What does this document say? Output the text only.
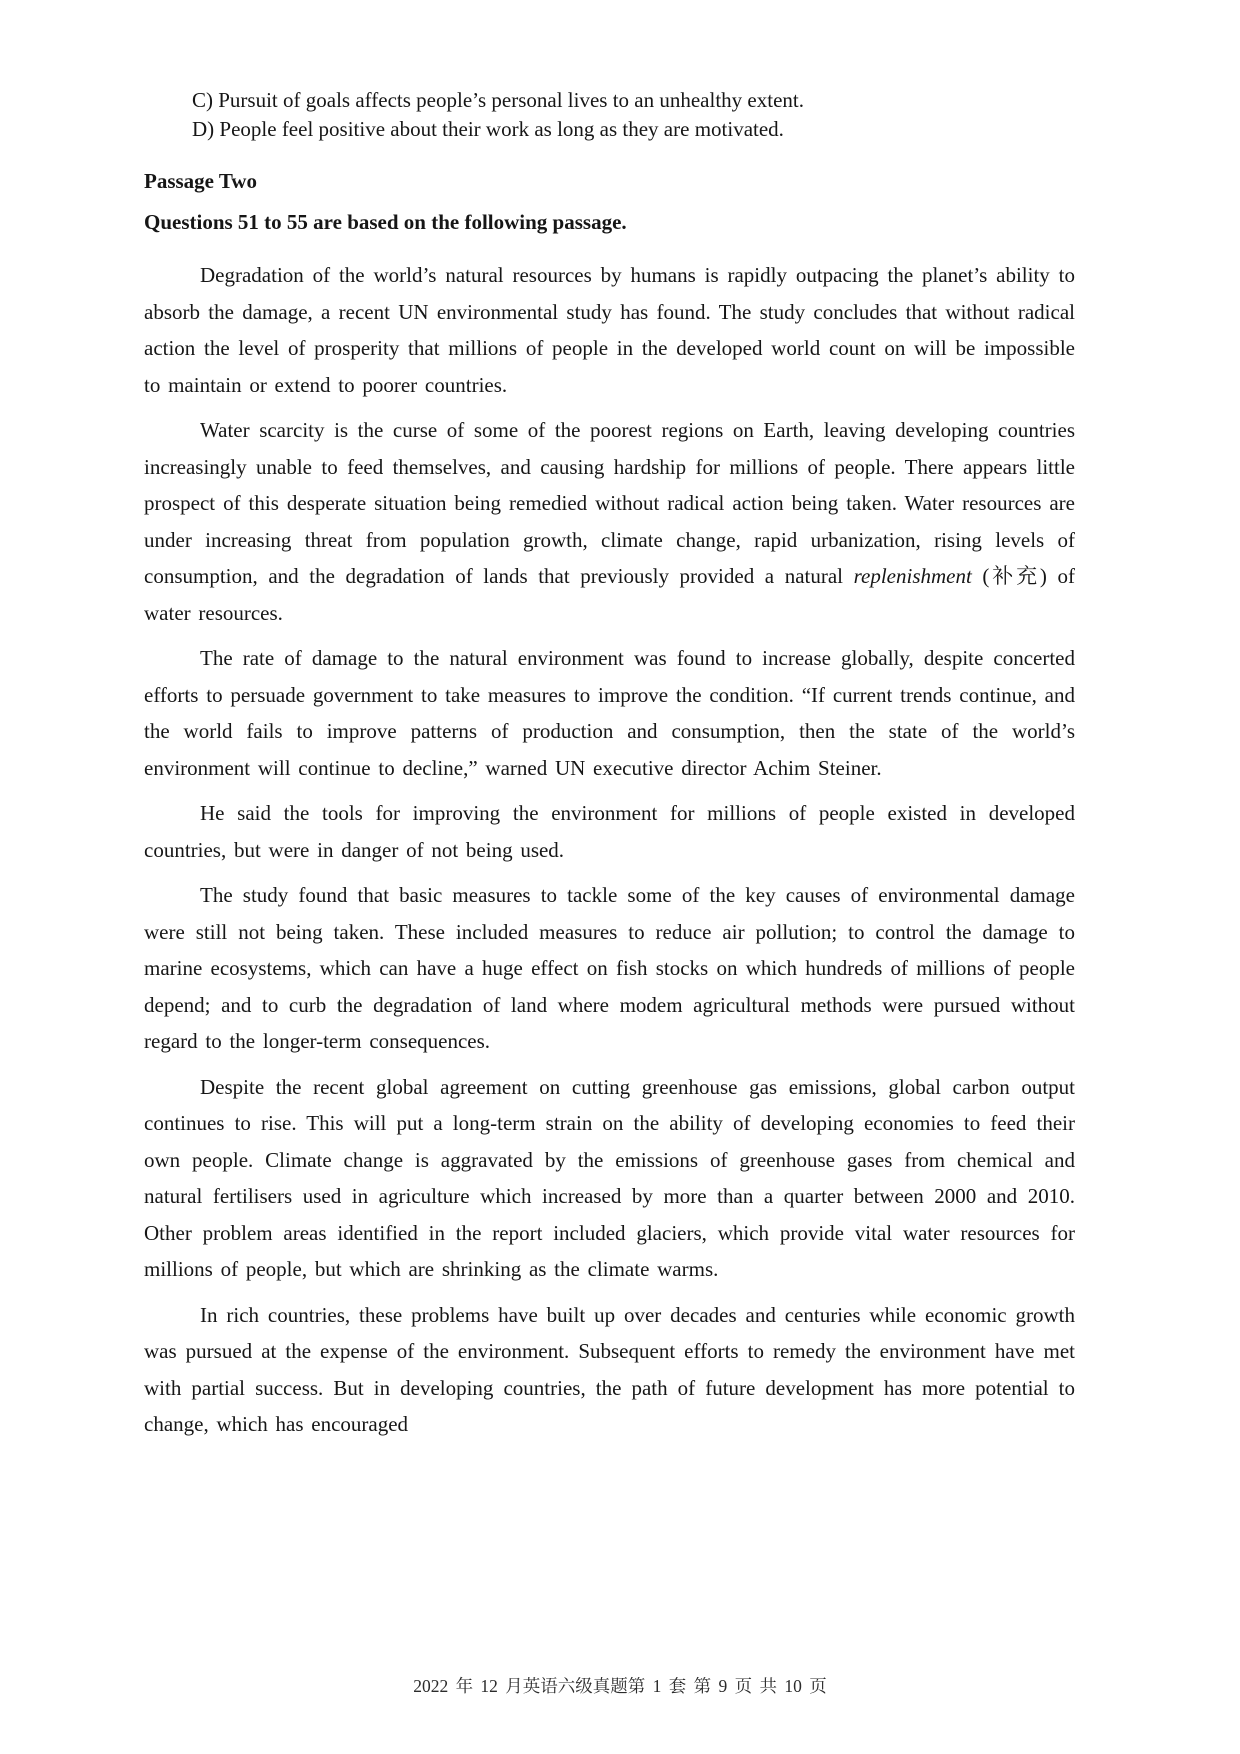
C) Pursuit of goals affects people’s personal lives to an unhealthy extent.

D) People feel positive about their work as long as they are motivated.

Passage Two

Questions 51 to 55 are based on the following passage.

Degradation of the world’s natural resources by humans is rapidly outpacing the planet’s ability to absorb the damage, a recent UN environmental study has found. The study concludes that without radical action the level of prosperity that millions of people in the developed world count on will be impossible to maintain or extend to poorer countries.

Water scarcity is the curse of some of the poorest regions on Earth, leaving developing countries increasingly unable to feed themselves, and causing hardship for millions of people. There appears little prospect of this desperate situation being remedied without radical action being taken. Water resources are under increasing threat from population growth, climate change, rapid urbanization, rising levels of consumption, and the degradation of lands that previously provided a natural replenishment (补充) of water resources.

The rate of damage to the natural environment was found to increase globally, despite concerted efforts to persuade government to take measures to improve the condition. “If current trends continue, and the world fails to improve patterns of production and consumption, then the state of the world’s environment will continue to decline,” warned UN executive director Achim Steiner.

He said the tools for improving the environment for millions of people existed in developed countries, but were in danger of not being used.

The study found that basic measures to tackle some of the key causes of environmental damage were still not being taken. These included measures to reduce air pollution; to control the damage to marine ecosystems, which can have a huge effect on fish stocks on which hundreds of millions of people depend; and to curb the degradation of land where modem agricultural methods were pursued without regard to the longer-term consequences.

Despite the recent global agreement on cutting greenhouse gas emissions, global carbon output continues to rise. This will put a long-term strain on the ability of developing economies to feed their own people. Climate change is aggravated by the emissions of greenhouse gases from chemical and natural fertilisers used in agriculture which increased by more than a quarter between 2000 and 2010. Other problem areas identified in the report included glaciers, which provide vital water resources for millions of people, but which are shrinking as the climate warms.

In rich countries, these problems have built up over decades and centuries while economic growth was pursued at the expense of the environment. Subsequent efforts to remedy the environment have met with partial success. But in developing countries, the path of future development has more potential to change, which has encouraged

2022 年 12 月英语六级真题第 1 套 第 9 页 共 10 页
